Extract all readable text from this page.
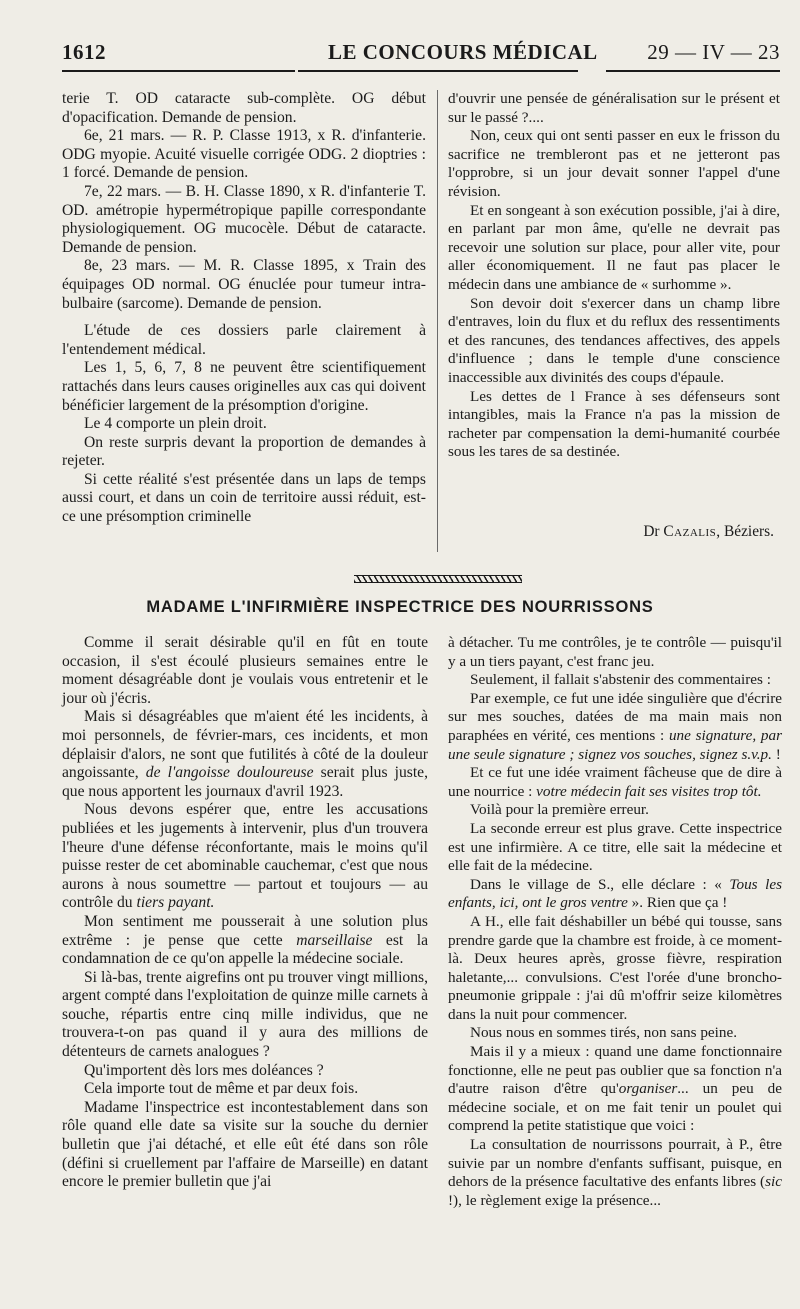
1612	LE CONCOURS MÉDICAL 29 — IV — 23

terie T. OD cataracte sub-complète. OG début d'opacification. Demande de pension.

6e, 21 mars. — R. P. Classe 1913, x R. d'infanterie. ODG myopie. Acuité visuelle corrigée ODG. 2 dioptries : 1 forcé. Demande de pension.

7e, 22 mars. — B. H. Classe 1890, x R. d'infanterie T. OD. amétropie hypermétropique papille correspondante physiologiquement. OG mucocèle. Début de cataracte. Demande de pension.

8e, 23 mars. — M. R. Classe 1895, x Train des équipages OD normal. OG énuclée pour tumeur intra-bulbaire (sarcome). Demande de pension.

L'étude de ces dossiers parle clairement à l'entendement médical.

Les 1, 5, 6, 7, 8 ne peuvent être scientifiquement rattachés dans leurs causes originelles aux cas qui doivent bénéficier largement de la présomption d'origine.

Le 4 comporte un plein droit.

On reste surpris devant la proportion de demandes à rejeter.

Si cette réalité s'est présentée dans un laps de temps aussi court, et dans un coin de territoire aussi réduit, est-ce une présomption criminelle

d'ouvrir une pensée de généralisation sur le présent et sur le passé ?....

Non, ceux qui ont senti passer en eux le frisson du sacrifice ne trembleront pas et ne jetteront pas l'opprobre, si un jour devait sonner l'appel d'une révision.

Et en songeant à son exécution possible, j'ai à dire, en parlant par mon âme, qu'elle ne devrait pas recevoir une solution sur place, pour aller vite, pour aller économiquement. Il ne faut pas placer le médecin dans une ambiance de « surhomme ».

Son devoir doit s'exercer dans un champ libre d'entraves, loin du flux et du reflux des ressentiments et des rancunes, des tendances affectives, des appels d'influence ; dans le temple d'une conscience inaccessible aux divinités des coups d'épaule.

Les dettes de l France à ses défenseurs sont intangibles, mais la France n'a pas la mission de racheter par compensation la demi-humanité courbée sous les tares de sa destinée.

Dr Cazalis, Béziers.
MADAME L'INFIRMIÈRE INSPECTRICE DES NOURRISSONS

Comme il serait désirable qu'il en fût en toute occasion, il s'est écoulé plusieurs semaines entre le moment désagréable dont je voulais vous entretenir et le jour où j'écris.

Mais si désagréables que m'aient été les incidents, à moi personnels, de février-mars, ces incidents, et mon déplaisir d'alors, ne sont que futilités à côté de la douleur angoissante, de l'angoisse douloureuse serait plus juste, que nous apportent les journaux d'avril 1923.

Nous devons espérer que, entre les accusations publiées et les jugements à intervenir, plus d'un trouvera l'heure d'une défense réconfortante, mais le moins qu'il puisse rester de cet abominable cauchemar, c'est que nous aurons à nous soumettre — partout et toujours — au contrôle du tiers payant.

Mon sentiment me pousserait à une solution plus extrême : je pense que cette marseillaise est la condamnation de ce qu'on appelle la médecine sociale.

Si là-bas, trente aigrefins ont pu trouver vingt millions, argent compté dans l'exploitation de quinze mille carnets à souche, répartis entre cinq mille individus, que ne trouvera-t-on pas quand il y aura des millions de détenteurs de carnets analogues ?

Qu'importent dès lors mes doléances ?

Cela importe tout de même et par deux fois.

Madame l'inspectrice est incontestablement dans son rôle quand elle date sa visite sur la souche du dernier bulletin que j'ai détaché, et elle eût été dans son rôle (défini si cruellement par l'affaire de Marseille) en datant encore le premier bulletin que j'ai

à détacher. Tu me contrôles, je te contrôle — puisqu'il y a un tiers payant, c'est franc jeu.

Seulement, il fallait s'abstenir des commentaires :

Par exemple, ce fut une idée singulière que d'écrire sur mes souches, datées de ma main mais non paraphées en vérité, ces mentions : une signature, par une seule signature ; signez vos souches, signez s.v.p. !

Et ce fut une idée vraiment fâcheuse que de dire à une nourrice : votre médecin fait ses visites trop tôt.

Voilà pour la première erreur.

La seconde erreur est plus grave. Cette inspectrice est une infirmière. A ce titre, elle sait la médecine et elle fait de la médecine.

Dans le village de S., elle déclare : « Tous les enfants, ici, ont le gros ventre ». Rien que ça !

A H., elle fait déshabiller un bébé qui tousse, sans prendre garde que la chambre est froide, à ce moment-là. Deux heures après, grosse fièvre, respiration haletante,... convulsions. C'est l'orée d'une broncho-pneumonie grippale : j'ai dû m'offrir seize kilomètres dans la nuit pour commencer.

Nous nous en sommes tirés, non sans peine.

Mais il y a mieux : quand une dame fonctionnaire fonctionne, elle ne peut pas oublier que sa fonction n'a d'autre raison d'être qu'organiser... un peu de médecine sociale, et on me fait tenir un poulet qui comprend la petite statistique que voici :

La consultation de nourrissons pourrait, à P., être suivie par un nombre d'enfants suffisant, puisque, en dehors de la présence facultative des enfants libres (sic !), le règlement exige la présence...
